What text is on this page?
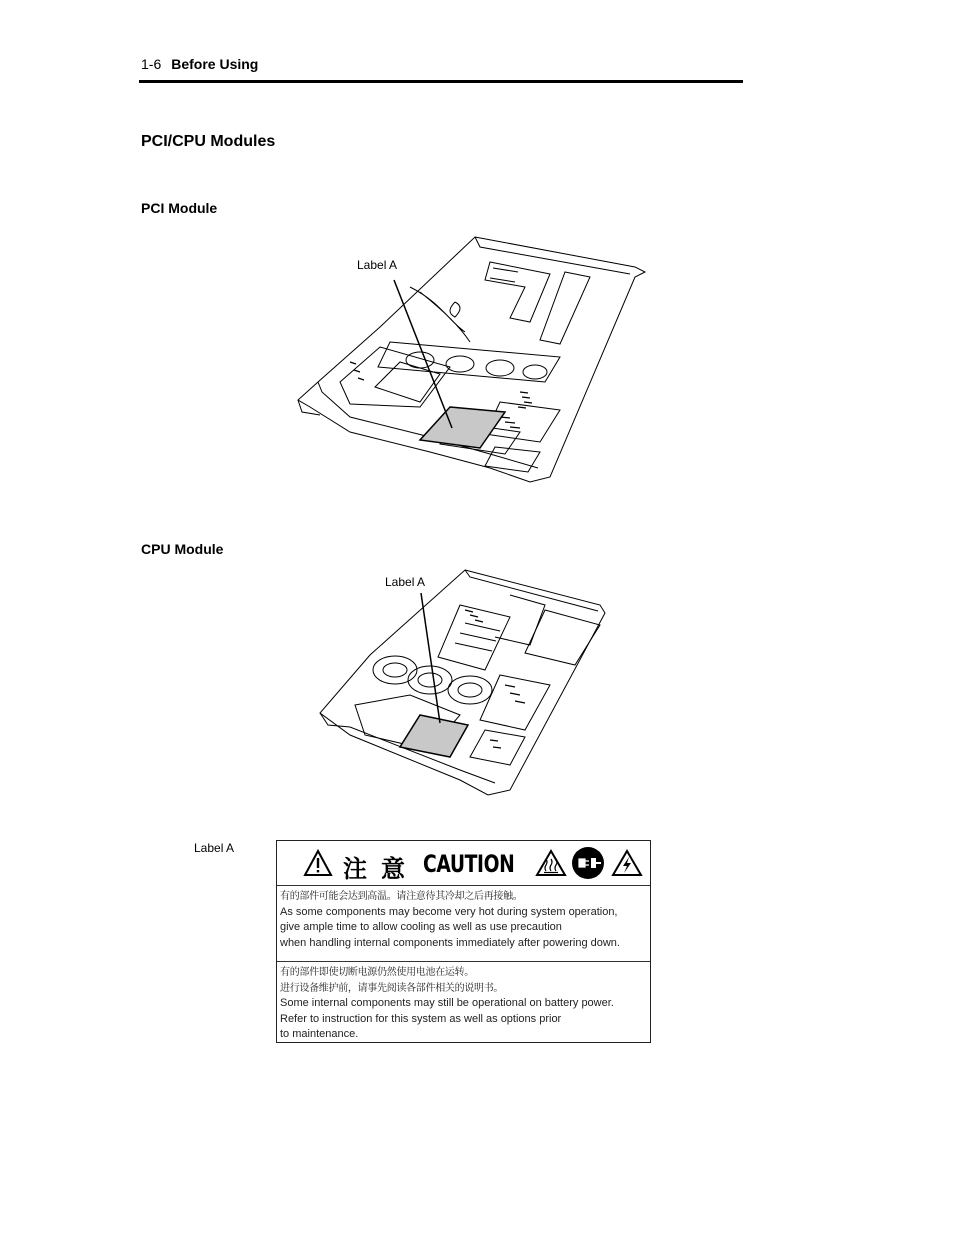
1-6 Before Using
PCI/CPU Modules
PCI Module
Label A
CPU Module
Label A
Label A
注 意 CAUTION
有的部件可能会达到高温。请注意待其冷却之后再接触。
As some components may become very hot during system operation,
give ample time to allow cooling as well as use precaution
when handling internal components immediately after powering down.
有的部件即使切断电源仍然使用电池在运转。
进行设备维护前，请事先阅读各部件相关的说明书。
Some internal components may still be operational on battery power.
Refer to instruction for this system as well as options prior
to maintenance.
